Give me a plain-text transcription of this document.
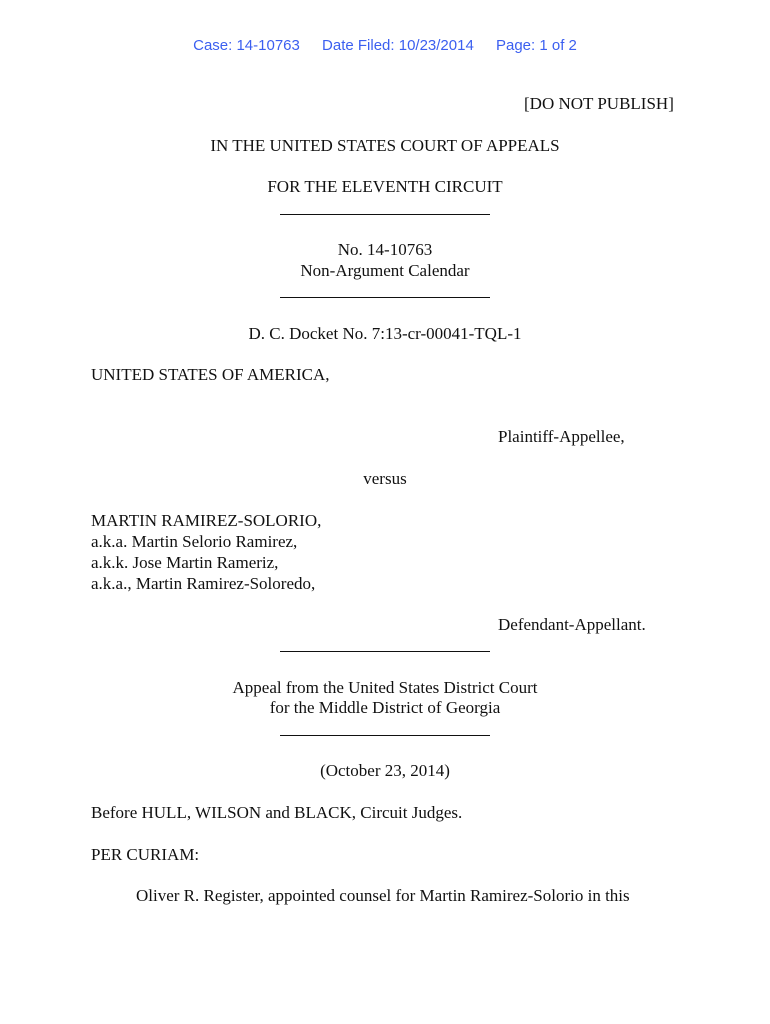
Case: 14-10763 Date Filed: 10/23/2014 Page: 1 of 2
[DO NOT PUBLISH]
IN THE UNITED STATES COURT OF APPEALS
FOR THE ELEVENTH CIRCUIT
No. 14-10763
Non-Argument Calendar
D. C. Docket No. 7:13-cr-00041-TQL-1
UNITED STATES OF AMERICA,
Plaintiff-Appellee,
versus
MARTIN RAMIREZ-SOLORIO,
a.k.a. Martin Selorio Ramirez,
a.k.k. Jose Martin Rameriz,
a.k.a., Martin Ramirez-Soloredo,
Defendant-Appellant.
Appeal from the United States District Court
for the Middle District of Georgia
(October 23, 2014)
Before HULL, WILSON and BLACK, Circuit Judges.
PER CURIAM:
Oliver R. Register, appointed counsel for Martin Ramirez-Solorio in this
